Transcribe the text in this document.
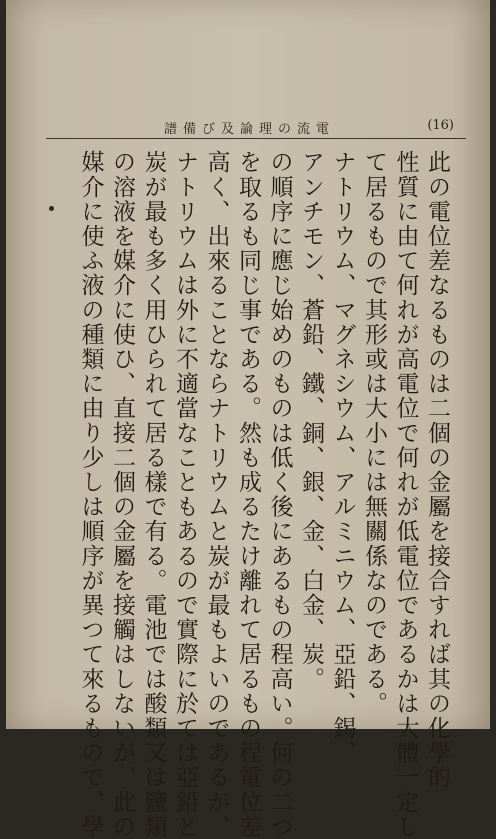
電流の理論及び備譜	(16)
此の電位差なるものは二個の金屬を接合すれば其の化學的
性質に由て何れが高電位で何れが低電位であるかは大體一定し
て居るもので其形或は大小には無關係なのである。
ナトリウム、マグネシウム、アルミニウム、亞鉛、錫、
アンチモン、蒼鉛、鐵、銅、銀、金、白金、炭。
の順序に應じ始めのものは低く後にあるもの程高い。何の二つ
を取るも同じ事である。然も成るたけ離れて居るもの程電位差
高く、出來ることならナトリウムと炭が最もよいのであるが、
ナトリウムは外に不適當なこともあるので實際に於ては亞鉛と
炭が最も多く用ひられて居る樣で有る。電池では酸類又は鹽類
の溶液を媒介に使ひ、直接二個の金屬を接觸はしないが、此の
媒介に使ふ液の種類に由り少しは順序が異つて來るもので、學
